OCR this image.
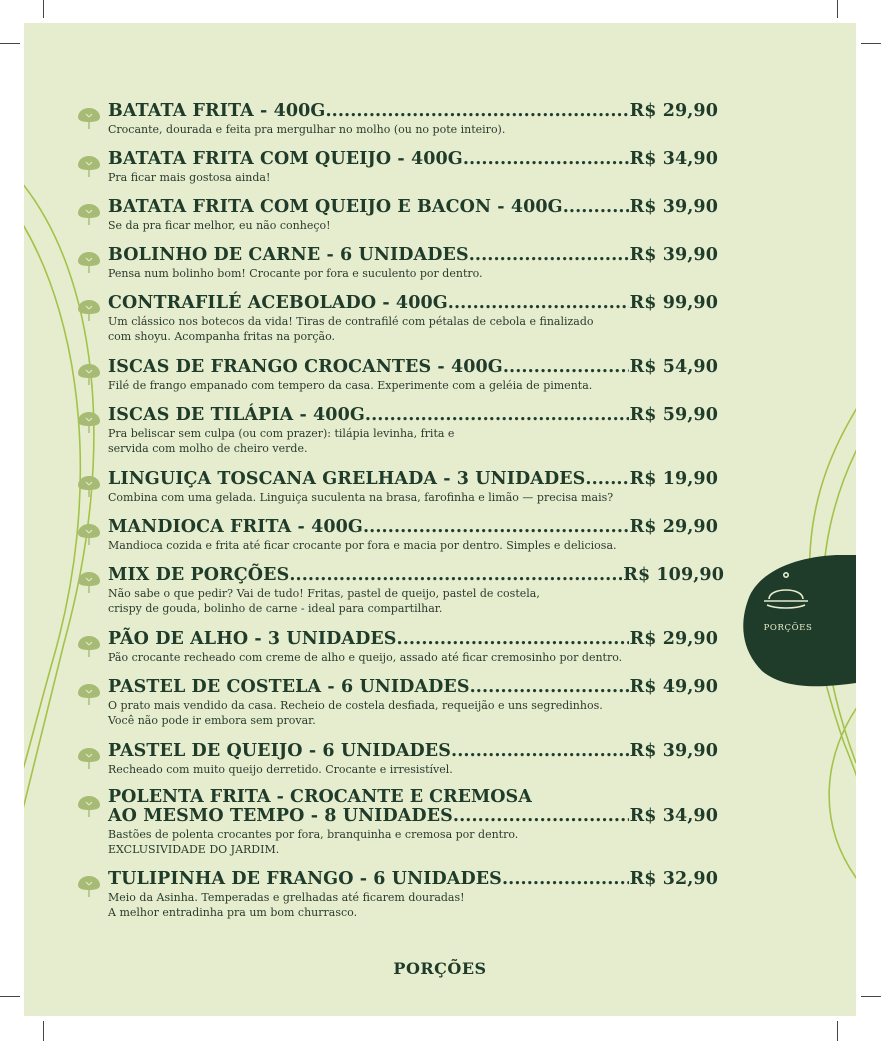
PORÇÕES
BATATA FRITA - 400G .....	R$ 29,90
Crocante, dourada e feita pra mergulhar no molho (ou no pote inteiro).
BATATA FRITA COM QUEIJO - 400G .....	R$ 34,90
Pra ficar mais gostosa ainda!
BATATA FRITA COM QUEIJO E BACON - 400G .....	R$ 39,90
Se da pra ficar melhor, eu não conheço!
BOLINHO DE CARNE - 6 UNIDADES .....	R$ 39,90
Pensa num bolinho bom! Crocante por fora e suculento por dentro.
CONTRAFILÉ ACEBOLADO - 400G .....	R$ 99,90
Um clássico nos botecos da vida! Tiras de contrafilé com pétalas de cebola e finalizado
com shoyu. Acompanha fritas na porção.
ISCAS DE FRANGO CROCANTES - 400G .....	R$ 54,90
Filé de frango empanado com tempero da casa. Experimente com a geléia de pimenta.
ISCAS DE TILÁPIA - 400G .....	R$ 59,90
Pra beliscar sem culpa (ou com prazer): tilápia levinha, frita e
servida com molho de cheiro verde.
LINGUIÇA TOSCANA GRELHADA - 3 UNIDADES .....	R$ 19,90
Combina com uma gelada. Linguiça suculenta na brasa, farofinha e limão — precisa mais?
MANDIOCA FRITA - 400G .....	R$ 29,90
Mandioca cozida e frita até ficar crocante por fora e macia por dentro. Simples e deliciosa.
MIX DE PORÇÕES .....	R$ 109,90
Não sabe o que pedir? Vai de tudo! Fritas, pastel de queijo, pastel de costela,
crispy de gouda, bolinho de carne - ideal para compartilhar.
PÃO DE ALHO - 3 UNIDADES .....	R$ 29,90
Pão crocante recheado com creme de alho e queijo, assado até ficar cremosinho por dentro.
PASTEL DE COSTELA - 6 UNIDADES .....	R$ 49,90
O prato mais vendido da casa. Recheio de costela desfiada, requeijão e uns segredinhos.
Você não pode ir embora sem provar.
PASTEL DE QUEIJO - 6 UNIDADES .....	R$ 39,90
Recheado com muito queijo derretido. Crocante e irresistível.
POLENTA FRITA - CROCANTE E CREMOSA
AO MESMO TEMPO - 8 UNIDADES .....	R$ 34,90
Bastões de polenta crocantes por fora, branquinha e cremosa por dentro.
EXCLUSIVIDADE DO JARDIM.
TULIPINHA DE FRANGO - 6 UNIDADES .....	R$ 32,90
Meio da Asinha. Temperadas e grelhadas até ficarem douradas!
A melhor entradinha pra um bom churrasco.
PORÇÕES
